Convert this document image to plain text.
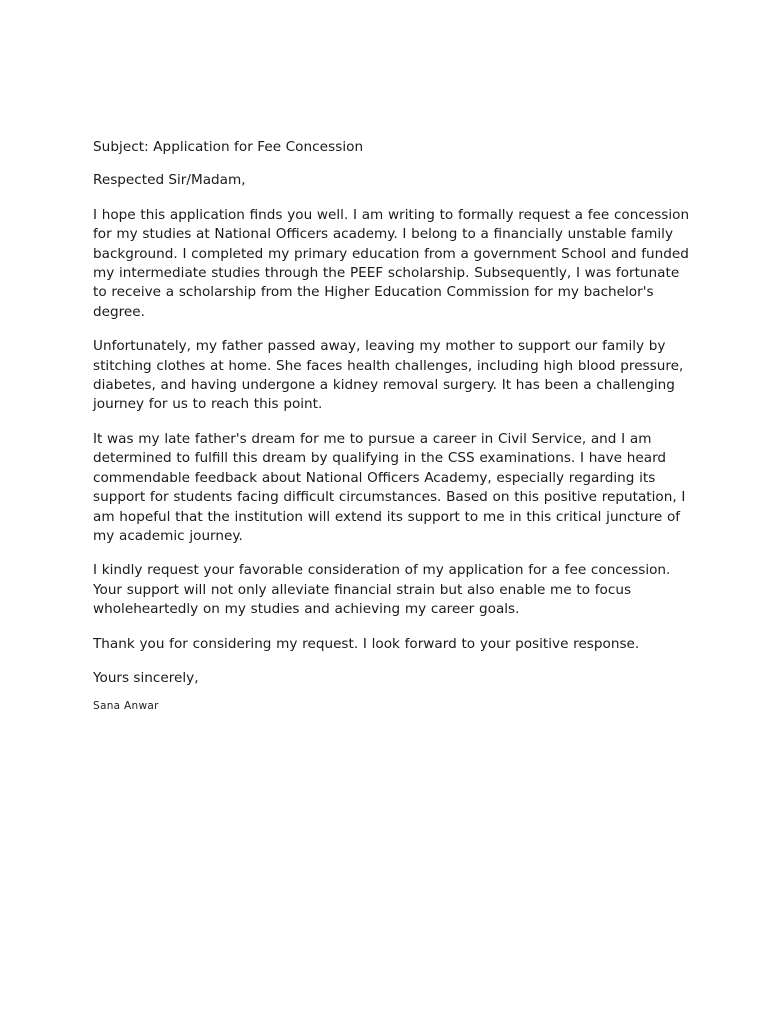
Subject: Application for Fee Concession

Respected Sir/Madam,

I hope this application finds you well. I am writing to formally request a fee concession for my studies at National Officers academy. I belong to a financially unstable family background. I completed my primary education from a government School and funded my intermediate studies through the PEEF scholarship. Subsequently, I was fortunate to receive a scholarship from the Higher Education Commission for my bachelor's degree.

Unfortunately, my father passed away, leaving my mother to support our family by stitching clothes at home. She faces health challenges, including high blood pressure, diabetes, and having undergone a kidney removal surgery. It has been a challenging journey for us to reach this point.

It was my late father's dream for me to pursue a career in Civil Service, and I am determined to fulfill this dream by qualifying in the CSS examinations. I have heard commendable feedback about National Officers Academy, especially regarding its support for students facing difficult circumstances. Based on this positive reputation, I am hopeful that the institution will extend its support to me in this critical juncture of my academic journey.

I kindly request your favorable consideration of my application for a fee concession. Your support will not only alleviate financial strain but also enable me to focus wholeheartedly on my studies and achieving my career goals.

Thank you for considering my request. I look forward to your positive response.

Yours sincerely,

Sana Anwar
